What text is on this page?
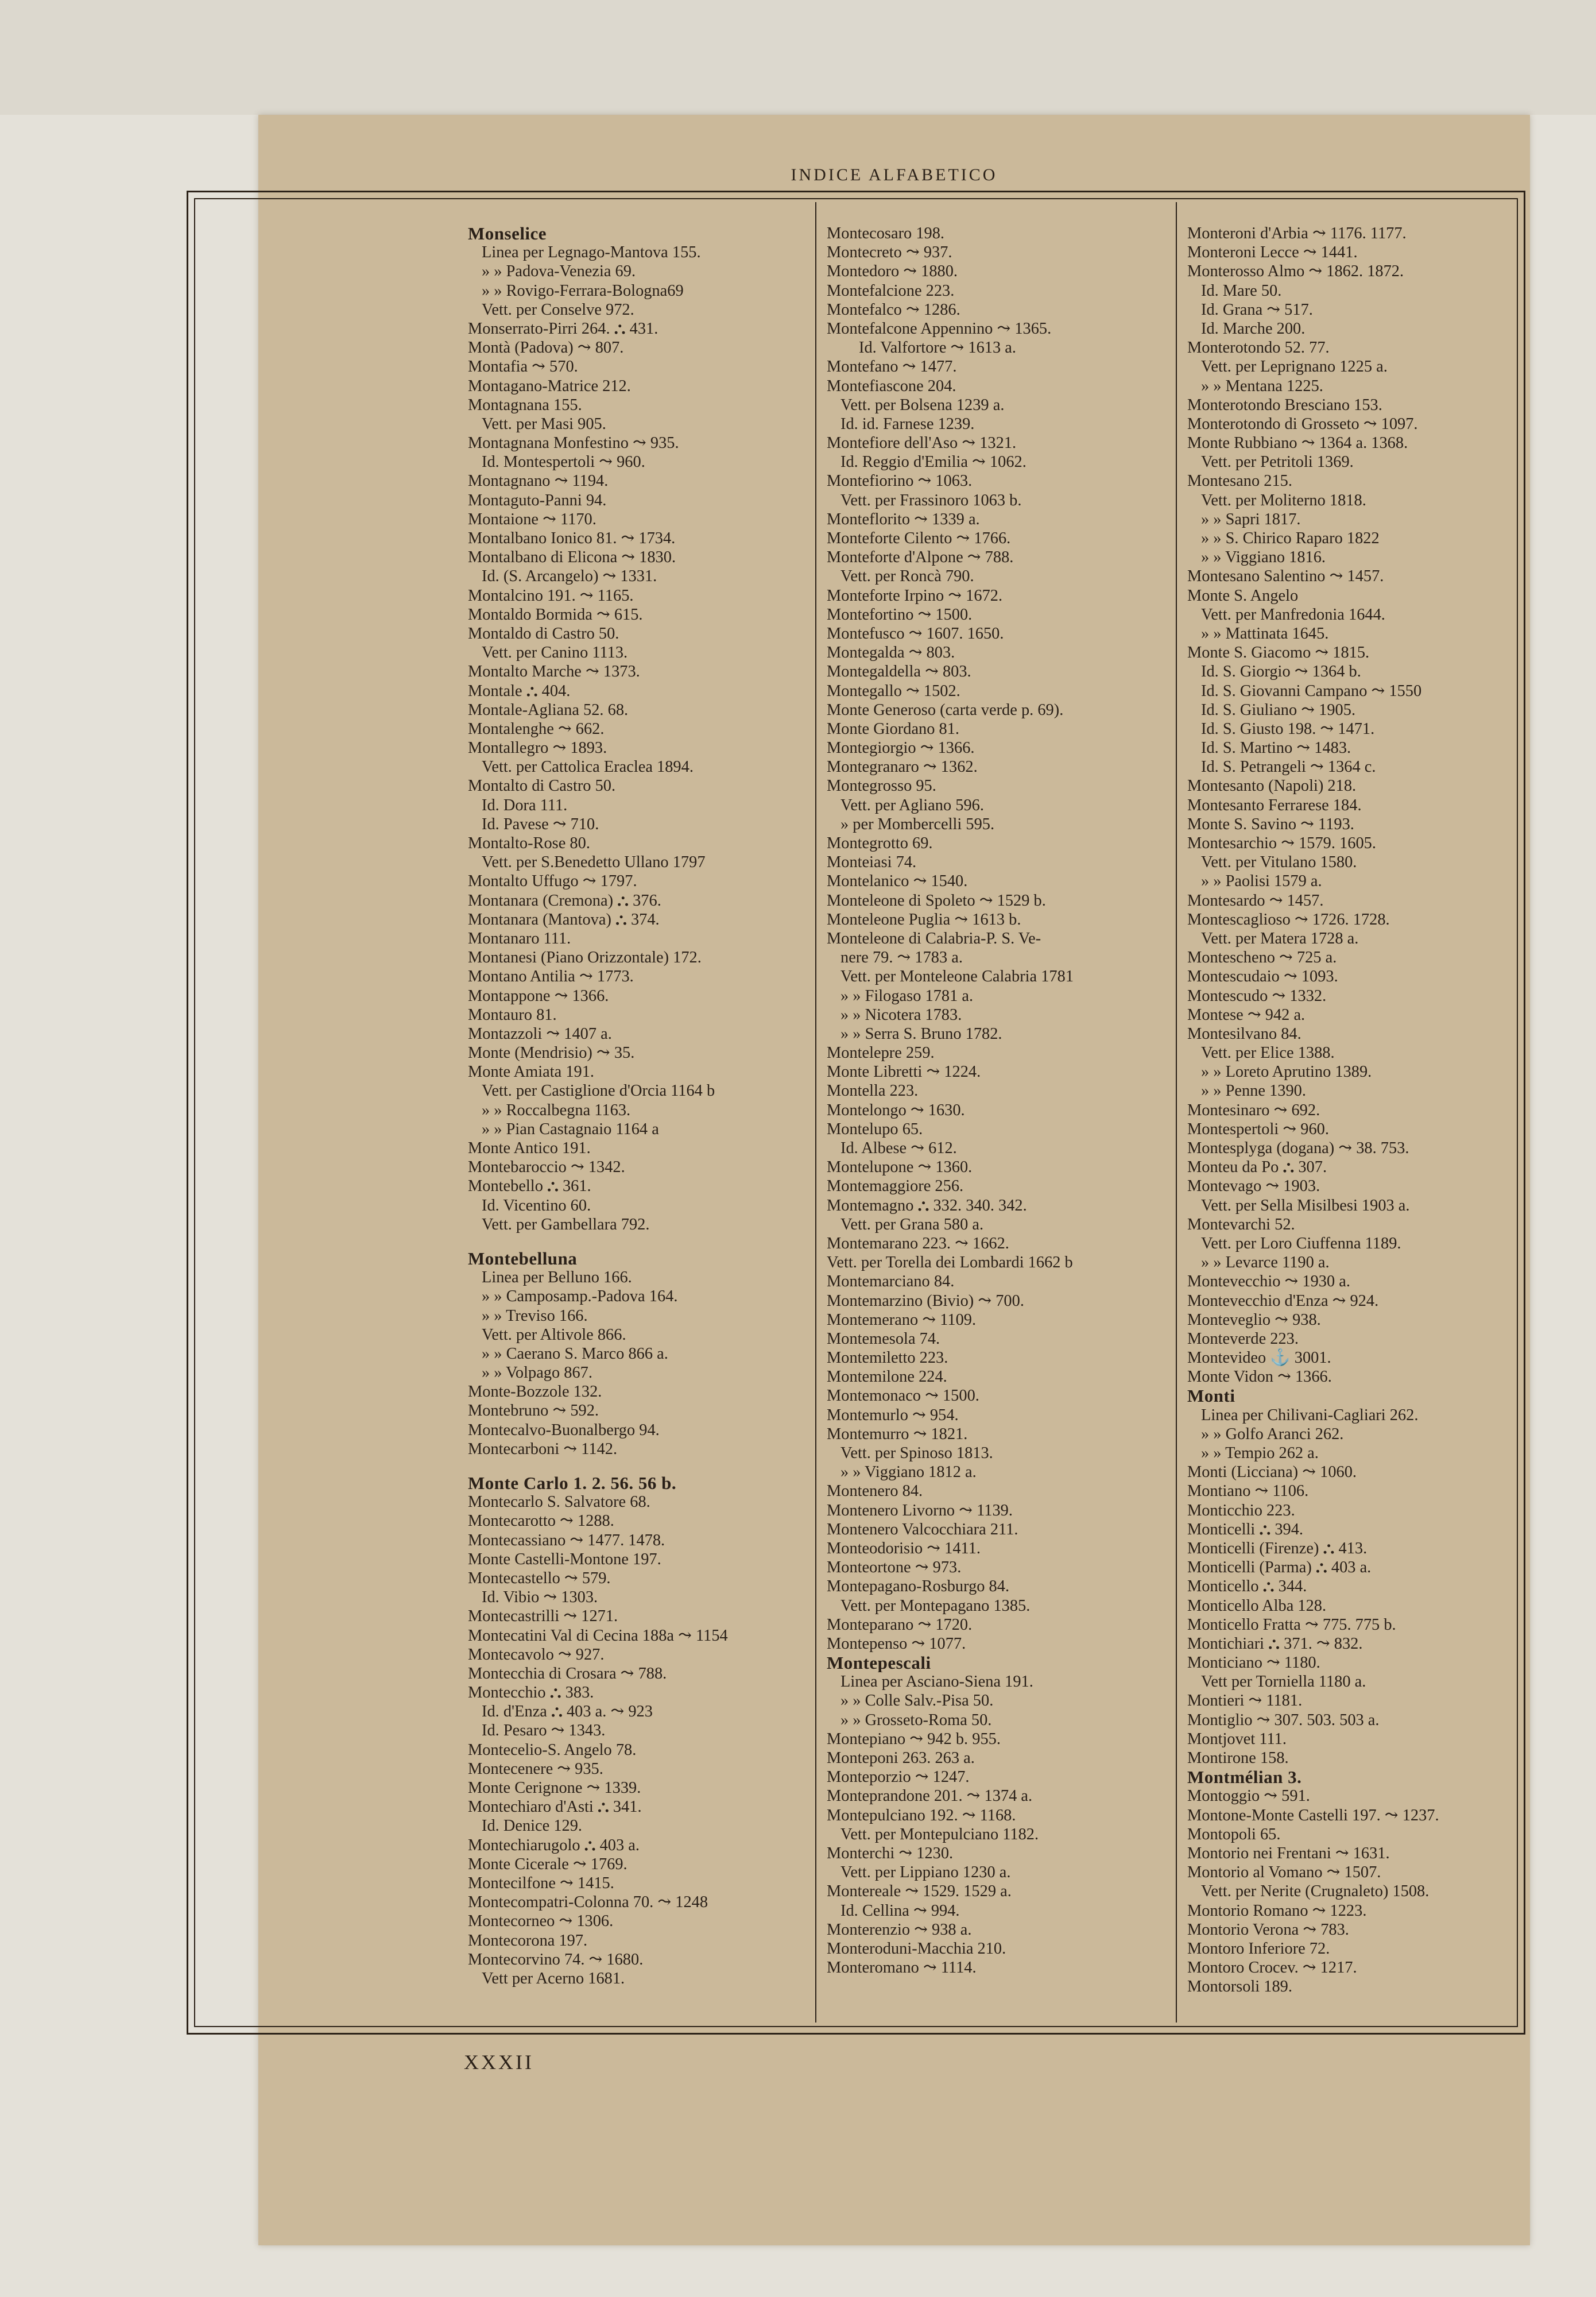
INDICE ALFABETICO
Monselice
Linea per Legnago-Mantova 155.
» » Padova-Venezia 69.
» » Rovigo-Ferrara-Bologna69
Vett. per Conselve 972.
Monserrato-Pirri 264. ⛬ 431.
Montà (Padova) ⤳ 807.
Montafia ⤳ 570.
Montagano-Matrice 212.
Montagnana 155.
Vett. per Masi 905.
Montagnana Monfestino ⤳ 935.
Id. Montespertoli ⤳ 960.
Montagnano ⤳ 1194.
Montaguto-Panni 94.
Montaione ⤳ 1170.
Montalbano Ionico 81. ⤳ 1734.
Montalbano di Elicona ⤳ 1830.
Id. (S. Arcangelo) ⤳ 1331.
Montalcino 191. ⤳ 1165.
Montaldo Bormida ⤳ 615.
Montaldo di Castro 50.
Vett. per Canino 1113.
Montalto Marche ⤳ 1373.
Montale ⛬ 404.
Montale-Agliana 52. 68.
Montalenghe ⤳ 662.
Montallegro ⤳ 1893.
Vett. per Cattolica Eraclea 1894.
Montalto di Castro 50.
Id. Dora 111.
Id. Pavese ⤳ 710.
Montalto-Rose 80.
Vett. per S.Benedetto Ullano 1797
Montalto Uffugo ⤳ 1797.
Montanara (Cremona) ⛬ 376.
Montanara (Mantova) ⛬ 374.
Montanaro 111.
Montanesi (Piano Orizzontale) 172.
Montano Antilia ⤳ 1773.
Montappone ⤳ 1366.
Montauro 81.
Montazzoli ⤳ 1407 a.
Monte (Mendrisio) ⤳ 35.
Monte Amiata 191.
Vett. per Castiglione d'Orcia 1164 b
» » Roccalbegna 1163.
» » Pian Castagnaio 1164 a
Monte Antico 191.
Montebaroccio ⤳ 1342.
Montebello ⛬ 361.
Id. Vicentino 60.
Vett. per Gambellara 792.
Montebelluna
Linea per Belluno 166.
» » Camposamp.-Padova 164.
» » Treviso 166.
Vett. per Altivole 866.
» » Caerano S. Marco 866 a.
» » Volpago 867.
Monte-Bozzole 132.
Montebruno ⤳ 592.
Montecalvo-Buonalbergo 94.
Montecarboni ⤳ 1142.
Monte Carlo 1. 2. 56. 56 b.
Montecarlo S. Salvatore 68.
Montecarotto ⤳ 1288.
Montecassiano ⤳ 1477. 1478.
Monte Castelli-Montone 197.
Montecastello ⤳ 579.
Id. Vibio ⤳ 1303.
Montecastrilli ⤳ 1271.
Montecatini Val di Cecina 188a ⤳ 1154
Montecavolo ⤳ 927.
Montecchia di Crosara ⤳ 788.
Montecchio ⛬ 383.
Id. d'Enza ⛬ 403 a. ⤳ 923
Id. Pesaro ⤳ 1343.
Montecelio-S. Angelo 78.
Montecenere ⤳ 935.
Monte Cerignone ⤳ 1339.
Montechiaro d'Asti ⛬ 341.
Id. Denice 129.
Montechiarugolo ⛬ 403 a.
Monte Cicerale ⤳ 1769.
Montecilfone ⤳ 1415.
Montecompatri-Colonna 70. ⤳ 1248
Montecorneo ⤳ 1306.
Montecorona 197.
Montecorvino 74. ⤳ 1680.
Vett per Acerno 1681.
Montecosaro 198.
Montecreto ⤳ 937.
Montedoro ⤳ 1880.
Montefalcione 223.
Montefalco ⤳ 1286.
Montefalcone Appennino ⤳ 1365.
Id. Valfortore ⤳ 1613 a.
Montefano ⤳ 1477.
Montefiascone 204.
Vett. per Bolsena 1239 a.
Id. id. Farnese 1239.
Montefiore dell'Aso ⤳ 1321.
Id. Reggio d'Emilia ⤳ 1062.
Montefiorino ⤳ 1063.
Vett. per Frassinoro 1063 b.
Monteflorito ⤳ 1339 a.
Monteforte Cilento ⤳ 1766.
Monteforte d'Alpone ⤳ 788.
Vett. per Roncà 790.
Monteforte Irpino ⤳ 1672.
Montefortino ⤳ 1500.
Montefusco ⤳ 1607. 1650.
Montegalda ⤳ 803.
Montegaldella ⤳ 803.
Montegallo ⤳ 1502.
Monte Generoso (carta verde p. 69).
Monte Giordano 81.
Montegiorgio ⤳ 1366.
Montegranaro ⤳ 1362.
Montegrosso 95.
Vett. per Agliano 596.
» per Mombercelli 595.
Montegrotto 69.
Monteiasi 74.
Montelanico ⤳ 1540.
Monteleone di Spoleto ⤳ 1529 b.
Monteleone Puglia ⤳ 1613 b.
Monteleone di Calabria-P. S. Ve-
nere 79. ⤳ 1783 a.
Vett. per Monteleone Calabria 1781
» » Filogaso 1781 a.
» » Nicotera 1783.
» » Serra S. Bruno 1782.
Montelepre 259.
Monte Libretti ⤳ 1224.
Montella 223.
Montelongo ⤳ 1630.
Montelupo 65.
Id. Albese ⤳ 612.
Montelupone ⤳ 1360.
Montemaggiore 256.
Montemagno ⛬ 332. 340. 342.
Vett. per Grana 580 a.
Montemarano 223. ⤳ 1662.
Vett. per Torella dei Lombardi 1662 b
Montemarciano 84.
Montemarzino (Bivio) ⤳ 700.
Montemerano ⤳ 1109.
Montemesola 74.
Montemiletto 223.
Montemilone 224.
Montemonaco ⤳ 1500.
Montemurlo ⤳ 954.
Montemurro ⤳ 1821.
Vett. per Spinoso 1813.
» » Viggiano 1812 a.
Montenero 84.
Montenero Livorno ⤳ 1139.
Montenero Valcocchiara 211.
Monteodorisio ⤳ 1411.
Monteortone ⤳ 973.
Montepagano-Rosburgo 84.
Vett. per Montepagano 1385.
Monteparano ⤳ 1720.
Montepenso ⤳ 1077.
Montepescali
Linea per Asciano-Siena 191.
» » Colle Salv.-Pisa 50.
» » Grosseto-Roma 50.
Montepiano ⤳ 942 b. 955.
Monteponi 263. 263 a.
Monteporzio ⤳ 1247.
Monteprandone 201. ⤳ 1374 a.
Montepulciano 192. ⤳ 1168.
Vett. per Montepulciano 1182.
Monterchi ⤳ 1230.
Vett. per Lippiano 1230 a.
Montereale ⤳ 1529. 1529 a.
Id. Cellina ⤳ 994.
Monterenzio ⤳ 938 a.
Monteroduni-Macchia 210.
Monteromano ⤳ 1114.
Monteroni d'Arbia ⤳ 1176. 1177.
Monteroni Lecce ⤳ 1441.
Monterosso Almo ⤳ 1862. 1872.
Id. Mare 50.
Id. Grana ⤳ 517.
Id. Marche 200.
Monterotondo 52. 77.
Vett. per Leprignano 1225 a.
» » Mentana 1225.
Monterotondo Bresciano 153.
Monterotondo di Grosseto ⤳ 1097.
Monte Rubbiano ⤳ 1364 a. 1368.
Vett. per Petritoli 1369.
Montesano 215.
Vett. per Moliterno 1818.
» » Sapri 1817.
» » S. Chirico Raparo 1822
» » Viggiano 1816.
Montesano Salentino ⤳ 1457.
Monte S. Angelo
Vett. per Manfredonia 1644.
» » Mattinata 1645.
Monte S. Giacomo ⤳ 1815.
Id. S. Giorgio ⤳ 1364 b.
Id. S. Giovanni Campano ⤳ 1550
Id. S. Giuliano ⤳ 1905.
Id. S. Giusto 198. ⤳ 1471.
Id. S. Martino ⤳ 1483.
Id. S. Petrangeli ⤳ 1364 c.
Montesanto (Napoli) 218.
Montesanto Ferrarese 184.
Monte S. Savino ⤳ 1193.
Montesarchio ⤳ 1579. 1605.
Vett. per Vitulano 1580.
» » Paolisi 1579 a.
Montesardo ⤳ 1457.
Montescaglioso ⤳ 1726. 1728.
Vett. per Matera 1728 a.
Montescheno ⤳ 725 a.
Montescudaio ⤳ 1093.
Montescudo ⤳ 1332.
Montese ⤳ 942 a.
Montesilvano 84.
Vett. per Elice 1388.
» » Loreto Aprutino 1389.
» » Penne 1390.
Montesinaro ⤳ 692.
Montespertoli ⤳ 960.
Montesplуga (dogana) ⤳ 38. 753.
Monteu da Po ⛬ 307.
Montevago ⤳ 1903.
Vett. per Sella Misilbesi 1903 a.
Montevarchi 52.
Vett. per Loro Ciuffenna 1189.
» » Levarce 1190 a.
Montevecchio ⤳ 1930 a.
Montevecchio d'Enza ⤳ 924.
Monteveglio ⤳ 938.
Monteverde 223.
Montevideo ⚓ 3001.
Monte Vidon ⤳ 1366.
Monti
Linea per Chilivani-Cagliari 262.
» » Golfo Aranci 262.
» » Tempio 262 a.
Monti (Licciana) ⤳ 1060.
Montiano ⤳ 1106.
Monticchio 223.
Monticelli ⛬ 394.
Monticelli (Firenze) ⛬ 413.
Monticelli (Parma) ⛬ 403 a.
Monticello ⛬ 344.
Monticello Alba 128.
Monticello Fratta ⤳ 775. 775 b.
Montichiari ⛬ 371. ⤳ 832.
Monticiano ⤳ 1180.
Vett per Torniella 1180 a.
Montieri ⤳ 1181.
Montiglio ⤳ 307. 503. 503 a.
Montjovet 111.
Montirone 158.
Montmélian 3.
Montoggio ⤳ 591.
Montone-Monte Castelli 197. ⤳ 1237.
Montopoli 65.
Montorio nei Frentani ⤳ 1631.
Montorio al Vomano ⤳ 1507.
Vett. per Nerite (Crugnaleto) 1508.
Montorio Romano ⤳ 1223.
Montorio Verona ⤳ 783.
Montoro Inferiore 72.
Montoro Crocev. ⤳ 1217.
Montorsoli 189.
XXXII
